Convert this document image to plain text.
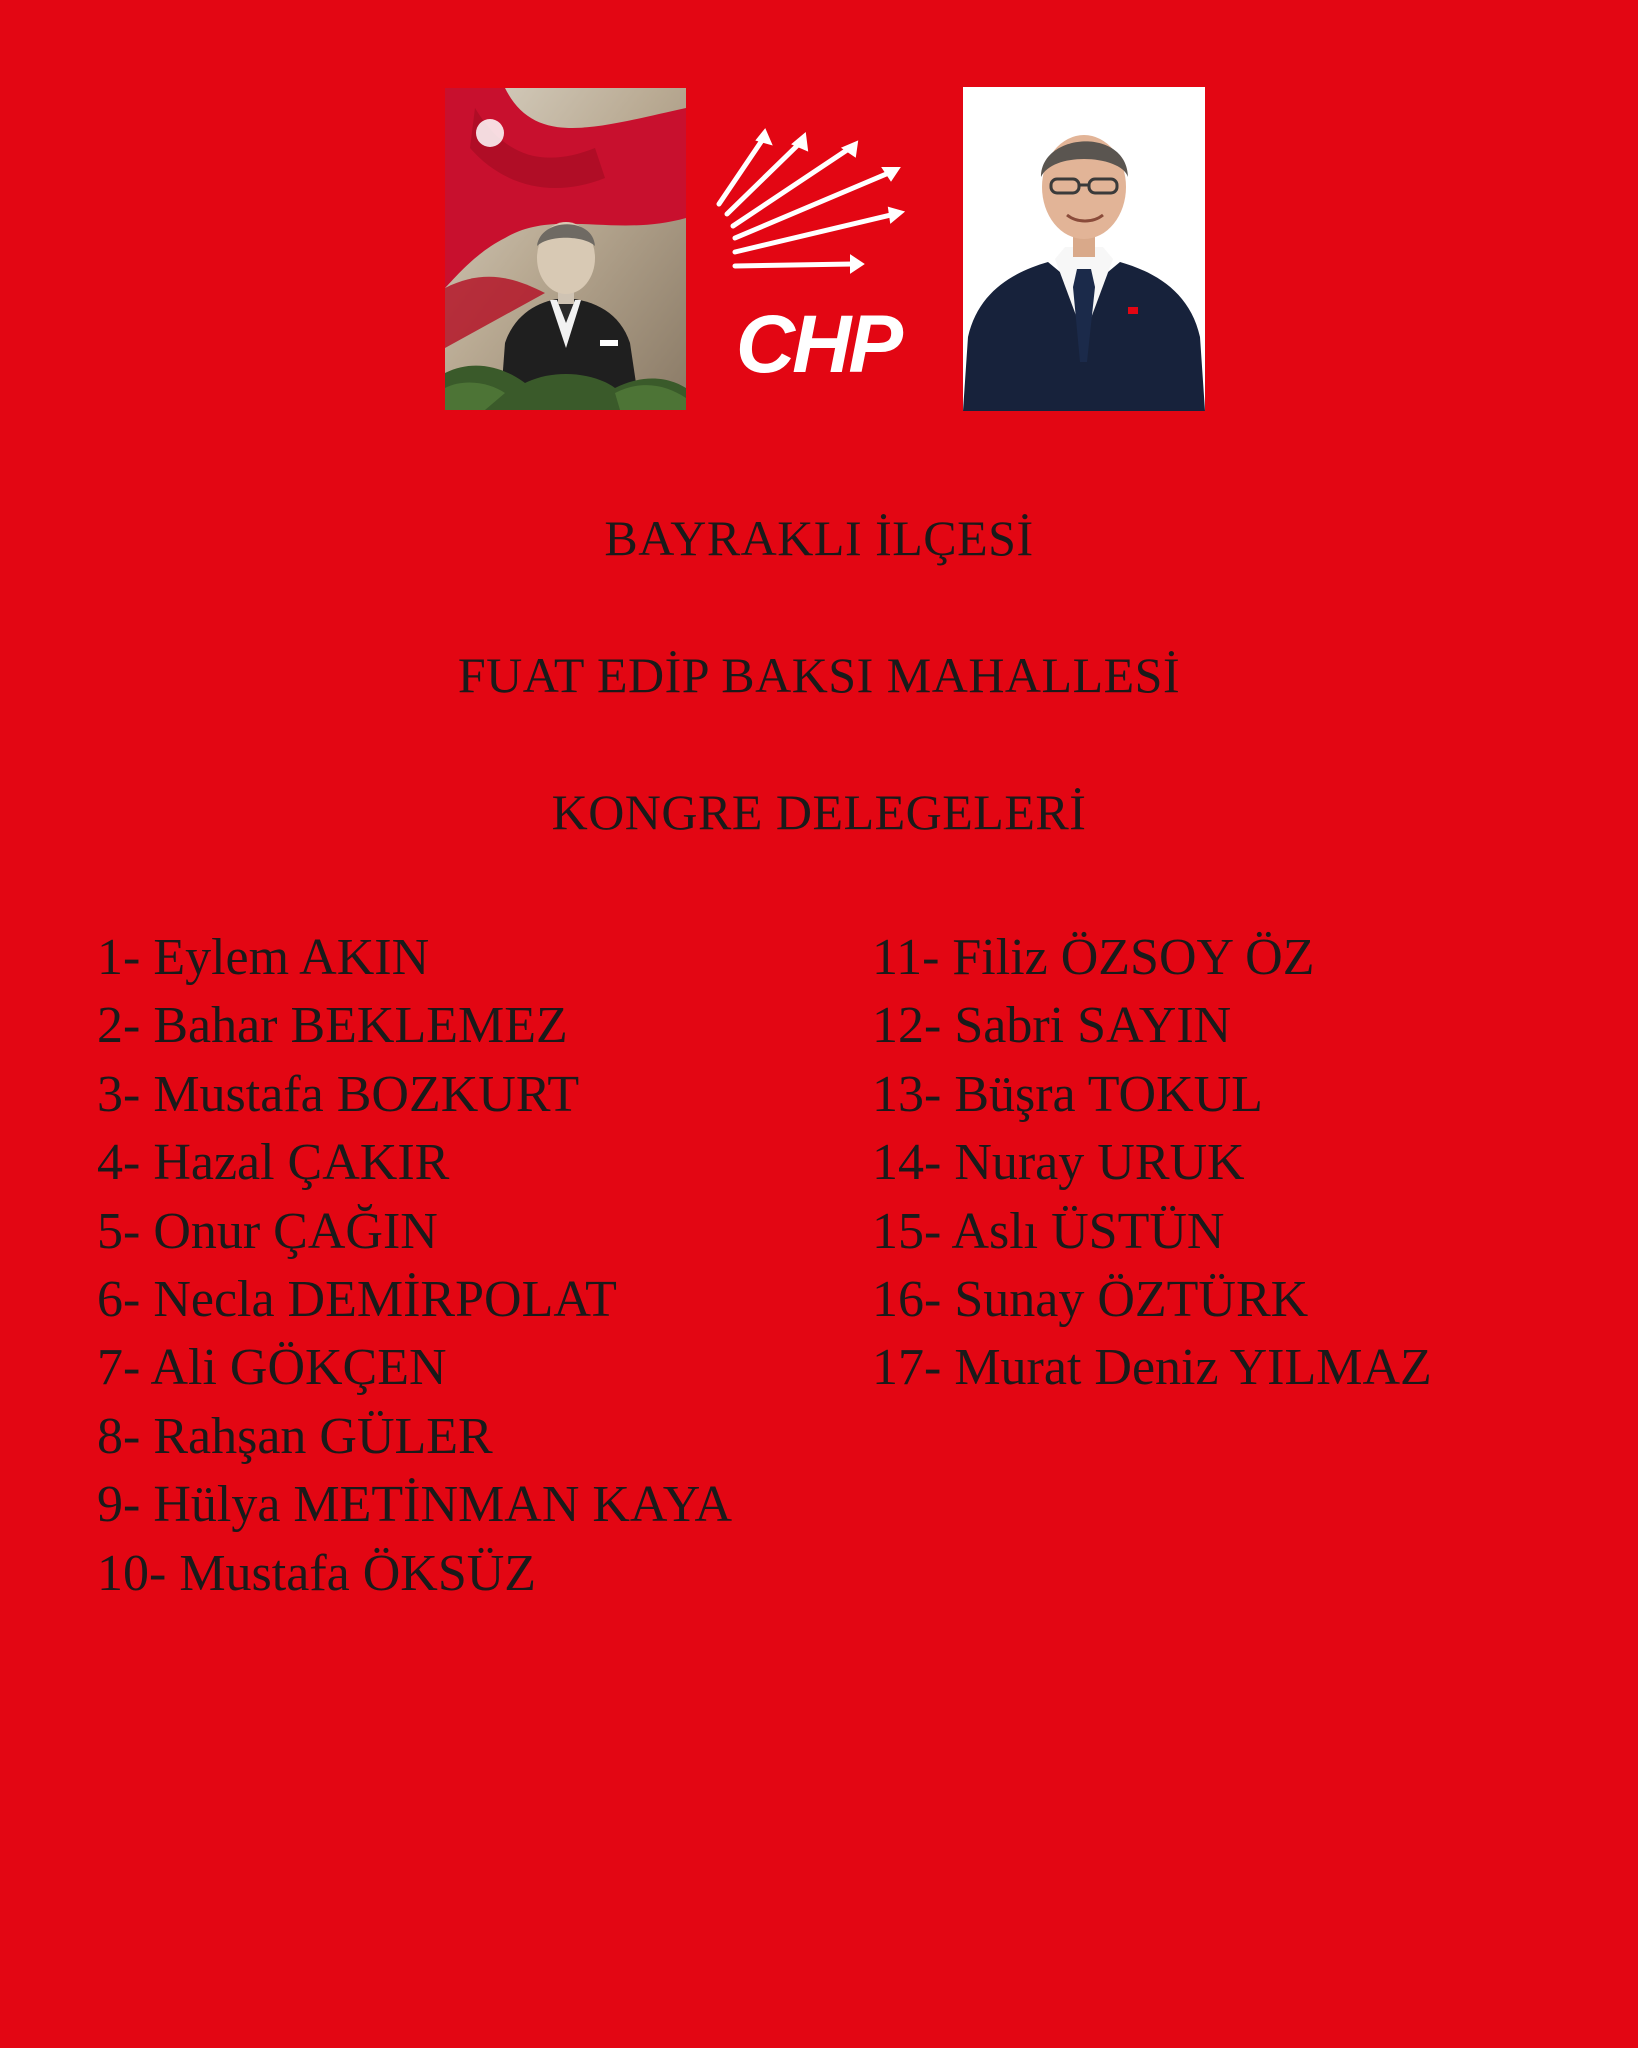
CHP
BAYRAKLI İLÇESİ
FUAT EDİP BAKSI MAHALLESİ
KONGRE DELEGELERİ
1- Eylem AKIN
2- Bahar BEKLEMEZ
3- Mustafa BOZKURT
4- Hazal ÇAKIR
5- Onur ÇAĞIN
6- Necla DEMİRPOLAT
7- Ali GÖKÇEN
8- Rahşan GÜLER
9- Hülya METİNMAN KAYA
10- Mustafa ÖKSÜZ
11- Filiz ÖZSOY ÖZ
12- Sabri SAYIN
13- Büşra TOKUL
14- Nuray URUK
15- Aslı ÜSTÜN
16- Sunay ÖZTÜRK
17- Murat Deniz YILMAZ
